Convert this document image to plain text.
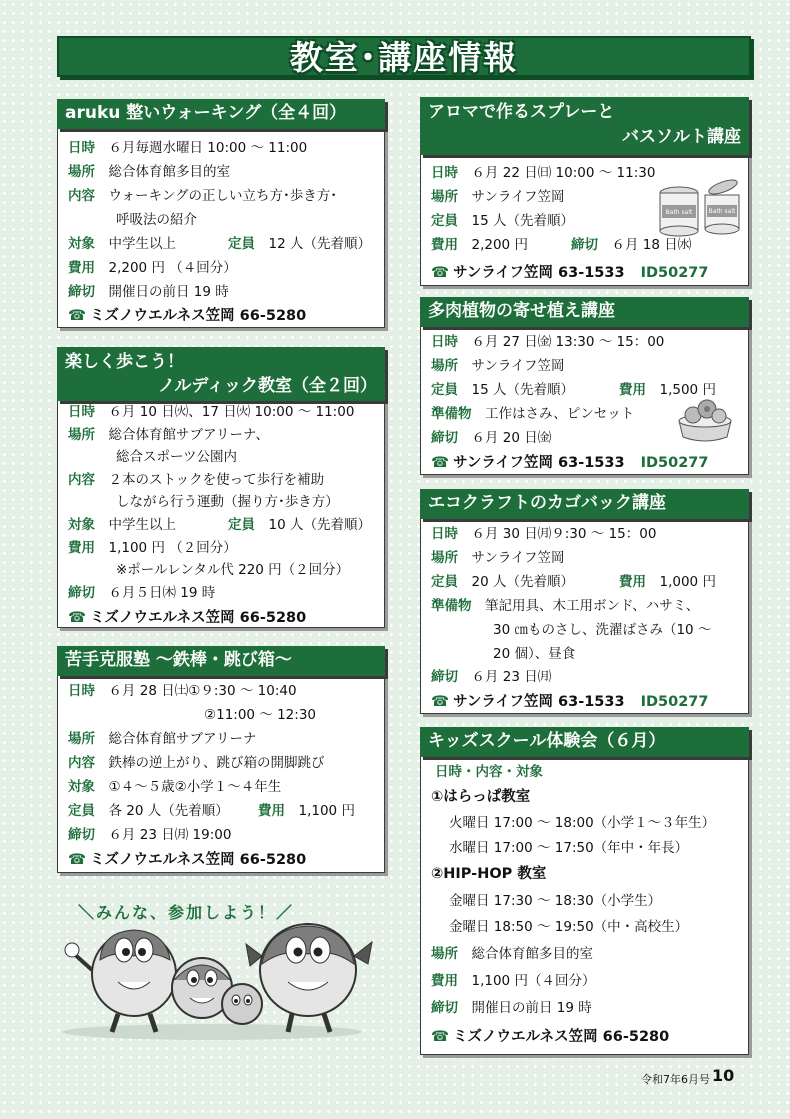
教室･講座情報
aruku 整いウォーキング（全４回）
日時　 ６月毎週水曜日 10:00 ～ 11:00
場所　 総合体育館多目的室
内容　 ウォーキングの正しい立ち方･歩き方･
呼吸法の紹介
対象　 中学生以上	定員　 12 人（先着順）
費用　 2,200 円 （４回分）
締切　 開催日の前日 19 時
☎ ミズノウエルネス笠岡 66-5280
楽しく歩こう！
ノルディック教室（全２回）
日時　 ６月 10 日㈫、17 日㈫ 10:00 ～ 11:00
場所　 総合体育館サブアリーナ、
総合スポーツ公園内
内容　 ２本のストックを使って歩行を補助
しながら行う運動（握り方･歩き方）
対象　 中学生以上	定員　 10 人（先着順）
費用　 1,100 円 （２回分）
※ポールレンタル代 220 円（２回分）
締切　 ６月５日㈭ 19 時
☎ ミズノウエルネス笠岡 66-5280
苦手克服塾 ～鉄棒・跳び箱～
日時　 ６月 28 日㈯①９:30 ～ 10:40
②11:00 ～ 12:30
場所　 総合体育館サブアリーナ
内容　 鉄棒の逆上がり、跳び箱の開脚跳び
対象　 ①４～５歳②小学１～４年生
定員　 各 20 人（先着順） 費用　 1,100 円
締切　 ６月 23 日㈪ 19:00
☎ ミズノウエルネス笠岡 66-5280
アロマで作るスプレーと
バスソルト講座
日時　 ６月 22 日㈰ 10:00 ～ 11:30
場所　 サンライフ笠岡
定員　 15 人（先着順）
費用　 2,200 円	締切　 ６月 18 日㈬
☎ サンライフ笠岡 63-1533 ID50277
Bath salt	Bath salt
多肉植物の寄せ植え講座
日時　 ６月 27 日㈮ 13:30 ～ 15：00
場所　 サンライフ笠岡
定員　 15 人（先着順）	費用　 1,500 円
準備物　 工作はさみ、ピンセット
締切　 ６月 20 日㈮
☎ サンライフ笠岡 63-1533 ID50277
エコクラフトのカゴバック講座
日時　 ６月 30 日㈪９:30 ～ 15：00
場所　 サンライフ笠岡
定員　 20 人（先着順）	費用　 1,000 円
準備物　 筆記用具、木工用ボンド、ハサミ、
30 ㎝ものさし、洗濯ばさみ（10 ～
20 個）、昼食
締切　 ６月 23 日㈪
☎ サンライフ笠岡 63-1533 ID50277
キッズスクール体験会（６月）
日時・内容・対象
①はらっぱ教室
火曜日 17:00 ～ 18:00（小学１～３年生）
水曜日 17:00 ～ 17:50（年中・年長）
②HIP-HOP 教室
金曜日 17:30 ～ 18:30（小学生）
金曜日 18:50 ～ 19:50（中・高校生）
場所　 総合体育館多目的室
費用　 1,100 円（４回分）
締切　 開催日の前日 19 時
☎ ミズノウエルネス笠岡 66-5280
＼みんな、参加しよう！／
令和7年6月号 10
